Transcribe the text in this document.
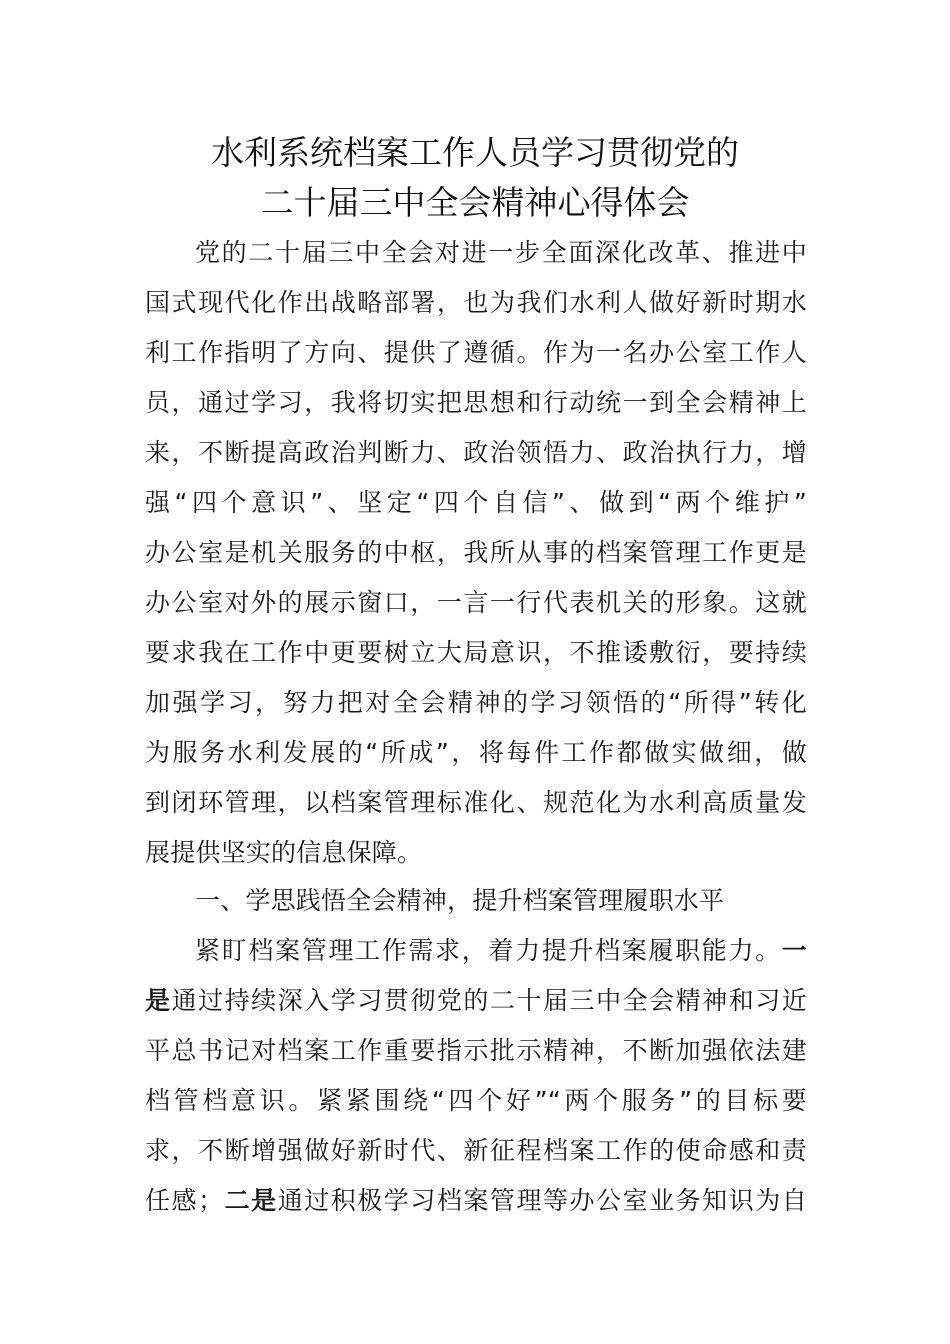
水利系统档案工作人员学习贯彻党的
二十届三中全会精神心得体会
党的二十届三中全会对进一步全面深化改革、推进中
国式现代化作出战略部署，也为我们水利人做好新时期水
利工作指明了方向、提供了遵循。作为一名办公室工作人
员，通过学习，我将切实把思想和行动统一到全会精神上
来，不断提高政治判断力、政治领悟力、政治执行力，增
强“四个意识”、坚定“四个自信”、做到“两个维护”
办公室是机关服务的中枢，我所从事的档案管理工作更是
办公室对外的展示窗口，一言一行代表机关的形象。这就
要求我在工作中更要树立大局意识，不推诿敷衍，要持续
加强学习，努力把对全会精神的学习领悟的“所得”转化
为服务水利发展的“所成”，将每件工作都做实做细，做
到闭环管理，以档案管理标准化、规范化为水利高质量发
展提供坚实的信息保障。
一、学思践悟全会精神，提升档案管理履职水平
紧盯档案管理工作需求，着力提升档案履职能力。一
是通过持续深入学习贯彻党的二十届三中全会精神和习近
平总书记对档案工作重要指示批示精神，不断加强依法建
档管档意识。紧紧围绕“四个好”“两个服务”的目标要
求，不断增强做好新时代、新征程档案工作的使命感和责
任感；二是通过积极学习档案管理等办公室业务知识为自
